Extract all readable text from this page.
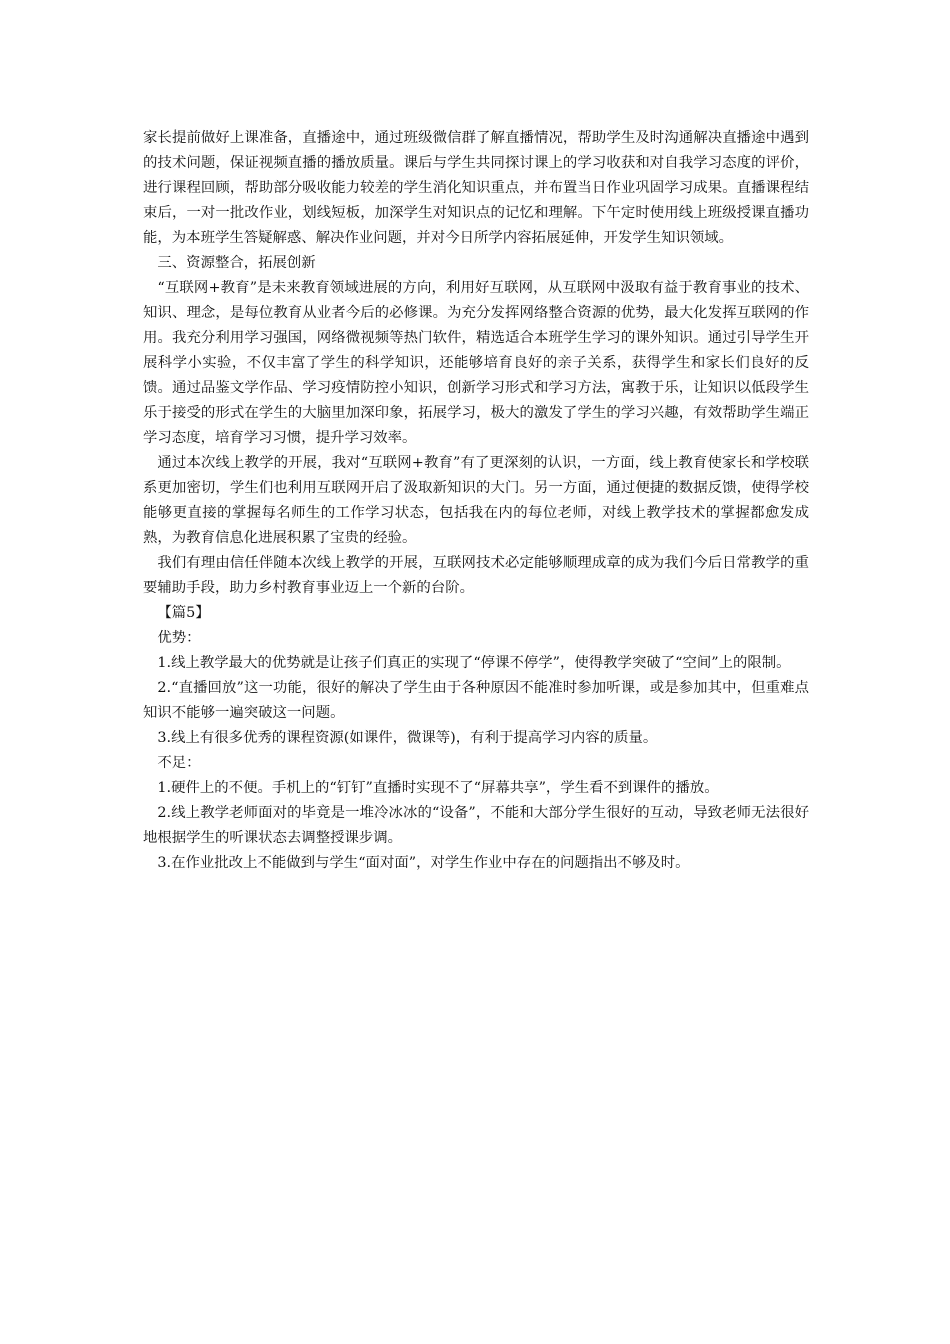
家长提前做好上课准备，直播途中，通过班级微信群了解直播情况，帮助学生及时沟通解决直播途中遇到的技术问题，保证视频直播的播放质量。课后与学生共同探讨课上的学习收获和对自我学习态度的评价，进行课程回顾，帮助部分吸收能力较差的学生消化知识重点，并布置当日作业巩固学习成果。直播课程结束后，一对一批改作业，划线短板，加深学生对知识点的记忆和理解。下午定时使用线上班级授课直播功能，为本班学生答疑解惑、解决作业问题，并对今日所学内容拓展延伸，开发学生知识领域。

三、资源整合，拓展创新

“互联网+教育”是未来教育领域进展的方向，利用好互联网，从互联网中汲取有益于教育事业的技术、知识、理念，是每位教育从业者今后的必修课。为充分发挥网络整合资源的优势，最大化发挥互联网的作用。我充分利用学习强国，网络微视频等热门软件，精选适合本班学生学习的课外知识。通过引导学生开展科学小实验，不仅丰富了学生的科学知识，还能够培育良好的亲子关系，获得学生和家长们良好的反馈。通过品鉴文学作品、学习疫情防控小知识，创新学习形式和学习方法，寓教于乐，让知识以低段学生乐于接受的形式在学生的大脑里加深印象，拓展学习，极大的激发了学生的学习兴趣，有效帮助学生端正学习态度，培育学习习惯，提升学习效率。

通过本次线上教学的开展，我对“互联网+教育”有了更深刻的认识，一方面，线上教育使家长和学校联系更加密切，学生们也利用互联网开启了汲取新知识的大门。另一方面，通过便捷的数据反馈，使得学校能够更直接的掌握每名师生的工作学习状态，包括我在内的每位老师，对线上教学技术的掌握都愈发成熟，为教育信息化进展积累了宝贵的经验。

我们有理由信任伴随本次线上教学的开展，互联网技术必定能够顺理成章的成为我们今后日常教学的重要辅助手段，助力乡村教育事业迈上一个新的台阶。

【篇5】

优势：

1.线上教学最大的优势就是让孩子们真正的实现了“停课不停学”，使得教学突破了“空间”上的限制。

2.“直播回放”这一功能，很好的解决了学生由于各种原因不能准时参加听课，或是参加其中，但重难点知识不能够一遍突破这一问题。

3.线上有很多优秀的课程资源(如课件，微课等)，有利于提高学习内容的质量。

不足：

1.硬件上的不便。手机上的“钉钉”直播时实现不了“屏幕共享”，学生看不到课件的播放。

2.线上教学老师面对的毕竟是一堆冷冰冰的“设备”，不能和大部分学生很好的互动，导致老师无法很好地根据学生的听课状态去调整授课步调。

3.在作业批改上不能做到与学生“面对面”，对学生作业中存在的问题指出不够及时。
